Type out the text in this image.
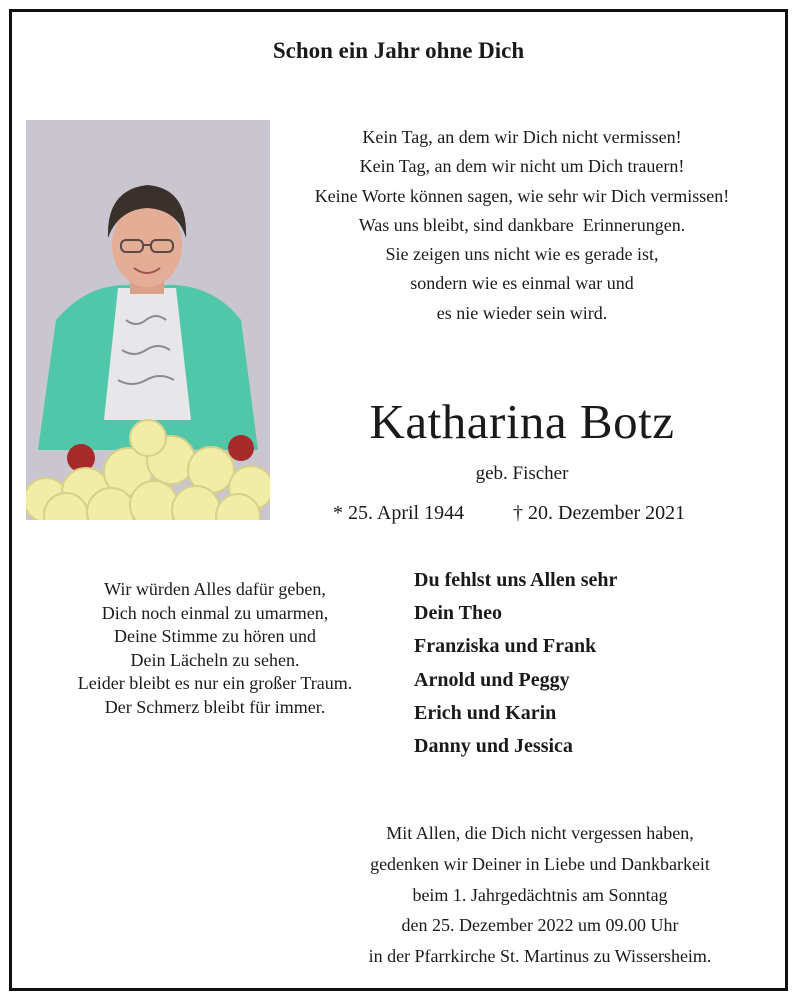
Schon ein Jahr ohne Dich
Kein Tag, an dem wir Dich nicht vermissen!
Kein Tag, an dem wir nicht um Dich trauern!
Keine Worte können sagen, wie sehr wir Dich vermissen!
Was uns bleibt, sind dankbare  Erinnerungen.
Sie zeigen uns nicht wie es gerade ist,
sondern wie es einmal war und
es nie wieder sein wird.
Katharina Botz
geb. Fischer
* 25. April 1944 † 20. Dezember 2021
Wir würden Alles dafür geben,
Dich noch einmal zu umarmen,
Deine Stimme zu hören und
Dein Lächeln zu sehen.
Leider bleibt es nur ein großer Traum.
Der Schmerz bleibt für immer.
Du fehlst uns Allen sehr
Dein Theo
Franziska und Frank
Arnold und Peggy
Erich und Karin
Danny und Jessica
Mit Allen, die Dich nicht vergessen haben,
gedenken wir Deiner in Liebe und Dankbarkeit
beim 1. Jahrgedächtnis am Sonntag
den 25. Dezember 2022 um 09.00 Uhr
in der Pfarrkirche St. Martinus zu Wissersheim.
